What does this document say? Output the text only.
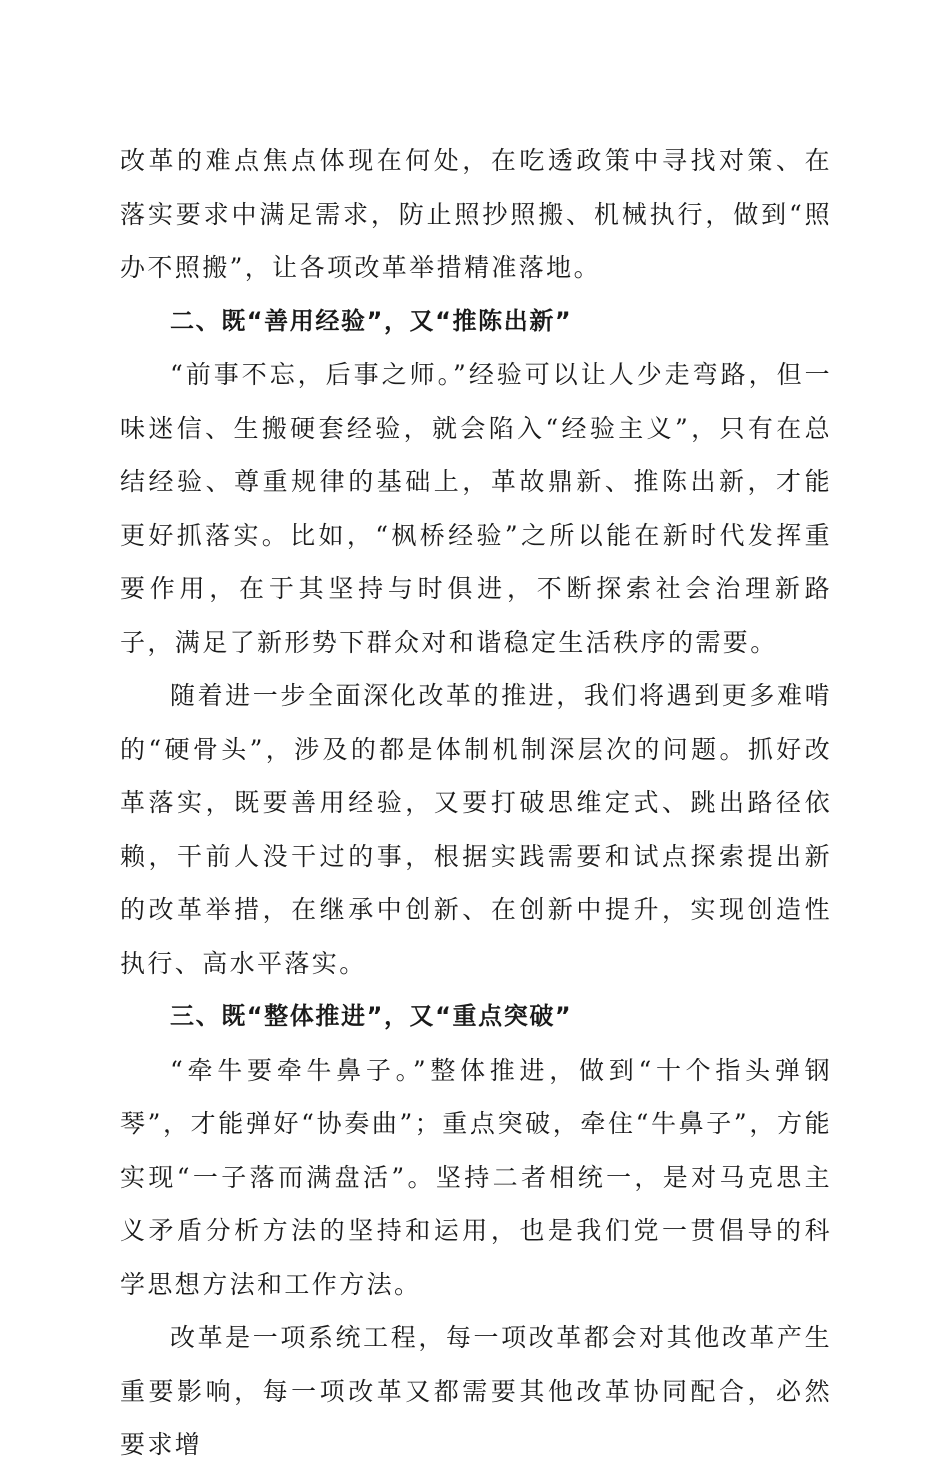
改革的难点焦点体现在何处，在吃透政策中寻找对策、在落实要求中满足需求，防止照抄照搬、机械执行，做到“照办不照搬”，让各项改革举措精准落地。

二、既“善用经验”，又“推陈出新”

“前事不忘，后事之师。”经验可以让人少走弯路，但一味迷信、生搬硬套经验，就会陷入“经验主义”，只有在总结经验、尊重规律的基础上，革故鼎新、推陈出新，才能更好抓落实。比如，“枫桥经验”之所以能在新时代发挥重要作用，在于其坚持与时俱进，不断探索社会治理新路子，满足了新形势下群众对和谐稳定生活秩序的需要。

随着进一步全面深化改革的推进，我们将遇到更多难啃的“硬骨头”，涉及的都是体制机制深层次的问题。抓好改革落实，既要善用经验，又要打破思维定式、跳出路径依赖，干前人没干过的事，根据实践需要和试点探索提出新的改革举措，在继承中创新、在创新中提升，实现创造性执行、高水平落实。

三、既“整体推进”，又“重点突破”

“牵牛要牵牛鼻子。”整体推进，做到“十个指头弹钢琴”，才能弹好“协奏曲”；重点突破，牵住“牛鼻子”，方能实现“一子落而满盘活”。坚持二者相统一，是对马克思主义矛盾分析方法的坚持和运用，也是我们党一贯倡导的科学思想方法和工作方法。

改革是一项系统工程，每一项改革都会对其他改革产生重要影响，每一项改革又都需要其他改革协同配合，必然要求增
